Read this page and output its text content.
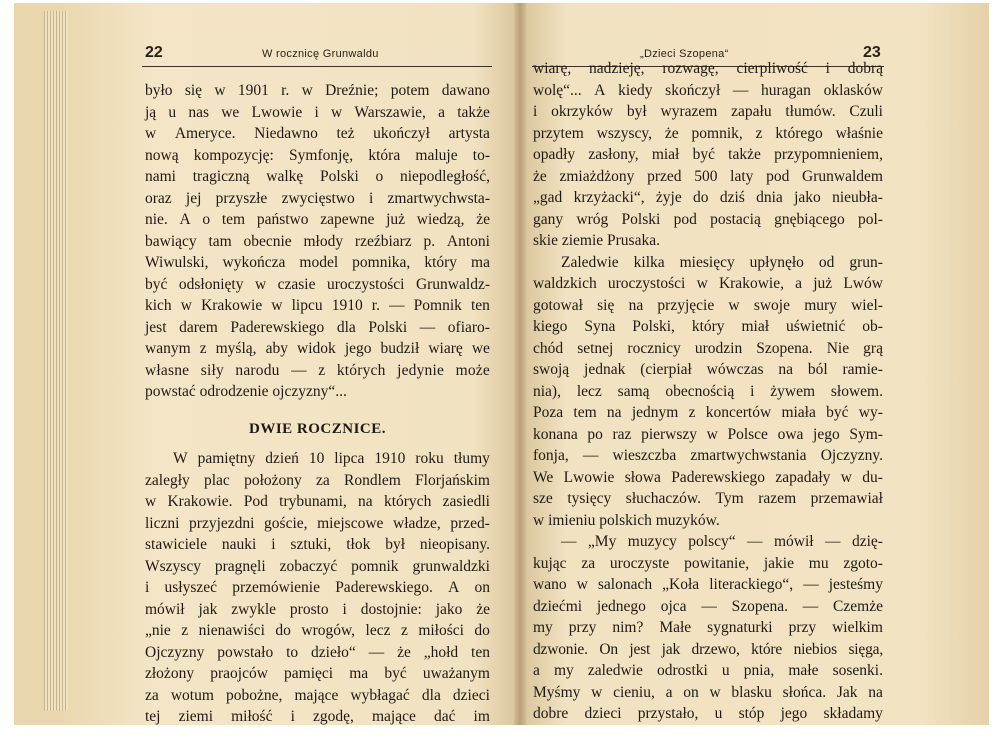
22	W rocznicę Grunwaldu	„Dzieci Szopena“	23
było się w 1901 r. w Dreźnie; potem dawano
ją u nas we Lwowie i w Warszawie, a także
w Ameryce. Niedawno też ukończył artysta
nową kompozycję: Symfonję, która maluje to-
nami tragiczną walkę Polski o niepodległość,
oraz jej przyszłe zwycięstwo i zmartwychwsta-
nie. A o tem państwo zapewne już wiedzą, że
bawiący tam obecnie młody rzeźbiarz p. Antoni
Wiwulski, wykończa model pomnika, który ma
być odsłonięty w czasie uroczystości Grunwaldz-
kich w Krakowie w lipcu 1910 r. — Pomnik ten
jest darem Paderewskiego dla Polski — ofiaro-
wanym z myślą, aby widok jego budził wiarę we
własne siły narodu — z których jedynie może
powstać odrodzenie ojczyzny“...
DWIE ROCZNICE.
W pamiętny dzień 10 lipca 1910 roku tłumy
zaległy plac położony za Rondlem Florjańskim
w Krakowie. Pod trybunami, na których zasiedli
liczni przyjezdni goście, miejscowe władze, przed-
stawiciele nauki i sztuki, tłok był nieopisany.
Wszyscy pragnęli zobaczyć pomnik grunwaldzki
i usłyszeć przemówienie Paderewskiego. A on
mówił jak zwykle prosto i dostojnie: jako że
„nie z nienawiści do wrogów, lecz z miłości do
Ojczyzny powstało to dzieło“ — że „hołd ten
złożony praojców pamięci ma być uważanym
za wotum pobożne, mające wybłagać dla dzieci
tej ziemi miłość i zgodę, mające dać im
wiarę, nadzieję, rozwagę, cierpliwość i dobrą
wolę“... A kiedy skończył — huragan oklasków
i okrzyków był wyrazem zapału tłumów. Czuli
przytem wszyscy, że pomnik, z którego właśnie
opadły zasłony, miał być także przypomnieniem,
że zmiażdżony przed 500 laty pod Grunwaldem
„gad krzyżacki“, żyje do dziś dnia jako nieubła-
gany wróg Polski pod postacią gnębiącego pol-
skie ziemie Prusaka.
Zaledwie kilka miesięcy upłynęło od grun-
waldzkich uroczystości w Krakowie, a już Lwów
gotował się na przyjęcie w swoje mury wiel-
kiego Syna Polski, który miał uświetnić ob-
chód setnej rocznicy urodzin Szopena. Nie grą
swoją jednak (cierpiał wówczas na ból ramie-
nia), lecz samą obecnością i żywem słowem.
Poza tem na jednym z koncertów miała być wy-
konana po raz pierwszy w Polsce owa jego Sym-
fonja, — wieszczba zmartwychwstania Ojczyzny.
We Lwowie słowa Paderewskiego zapadały w du-
sze tysięcy słuchaczów. Tym razem przemawiał
w imieniu polskich muzyków.
— „My muzycy polscy“ — mówił — dzię-
kując za uroczyste powitanie, jakie mu zgoto-
wano w salonach „Koła literackiego“, — jesteśmy
dziećmi jednego ojca — Szopena. — Czemże
my przy nim? Małe sygnaturki przy wielkim
dzwonie. On jest jak drzewo, które niebios sięga,
a my zaledwie odrostki u pnia, małe sosenki.
Myśmy w cieniu, a on w blasku słońca. Jak na
dobre dzieci przystało, u stóp jego składamy
